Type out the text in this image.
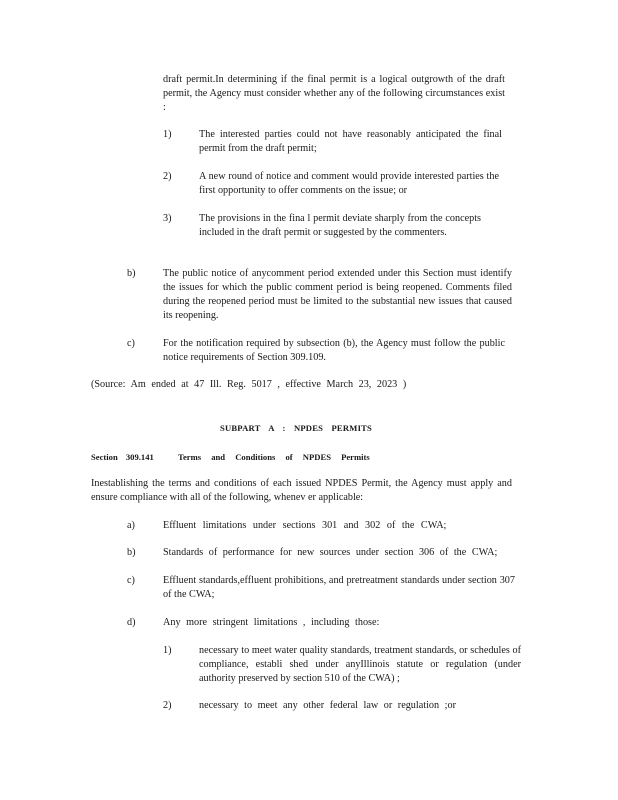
draft permit.In determining if the final permit is a logical outgrowth of the draft permit, the Agency must consider whether any of the following circumstances exist :
1)	The interested parties could not have reasonably anticipated the final permit from the draft permit;
2)	A new round of notice and comment would provide interested parties the first opportunity to offer comments on the issue; or
3)	The provisions in the fina l permit deviate sharply from the concepts included in the draft permit or suggested by the commenters.
b)	The public notice of anycomment period extended under this Section must identify the issues for which the public comment period is being reopened. Comments filed during the reopened period must be limited to the substantial new issues that caused its reopening.
c)	For the notification required by subsection (b), the Agency must follow the public notice requirements of Section 309.109.
(Source: Am ended at 47 Ill. Reg. 5017 , effective March 23, 2023 )
SUBPART A : NPDES PERMITS
Section 309.141	Terms and Conditions of NPDES Permits
Inestablishing the terms and conditions of each issued NPDES Permit, the Agency must apply and ensure compliance with all of the following, whenev er applicable:
a)	Effluent limitations under sections 301 and 302 of the CWA;
b)	Standards of performance for new sources under section 306 of the CWA;
c)	Effluent standards,effluent prohibitions, and pretreatment standards under section 307 of the CWA;
d)	Any more stringent limitations , including those:
1)	necessary to meet water quality standards, treatment standards, or schedules of compliance, establi shed under anyIllinois statute or regulation (under authority preserved by section 510 of the CWA) ;
2)	necessary to meet any other federal law or regulation ;or
